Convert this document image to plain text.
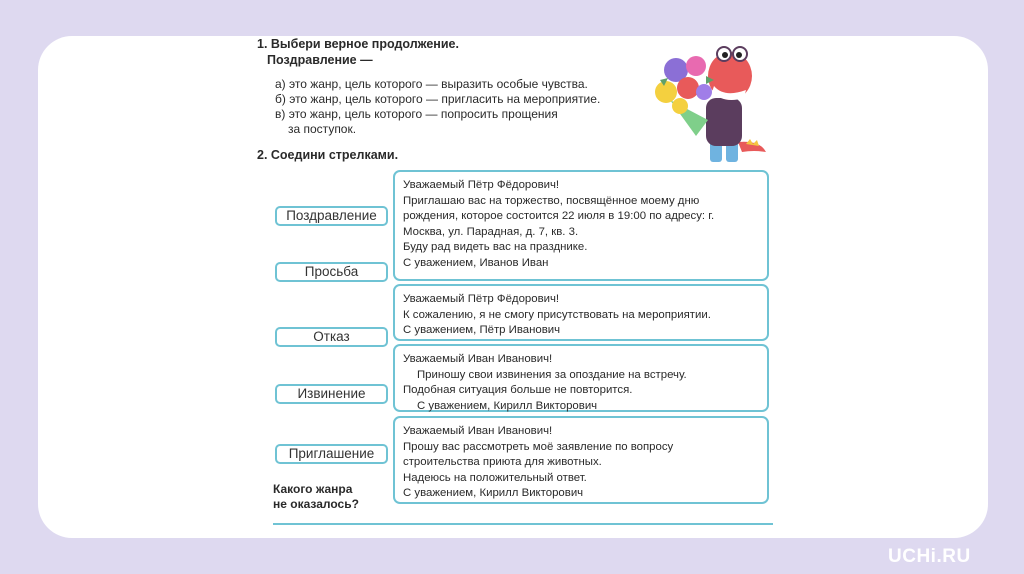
1. Выбери верное продолжение.
Поздравление —
а) это жанр, цель которого — выразить особые чувства.
б) это жанр, цель которого — пригласить на мероприятие.
в) это жанр, цель которого — попросить прощения
за поступок.
2. Соедини стрелками.
Поздравление
Просьба
Отказ
Извинение
Приглашение
Уважаемый Пётр Фёдорович!
Приглашаю вас на торжество, посвящённое моему дню
рождения, которое состоится 22 июля в 19:00 по адресу: г.
Москва, ул. Парадная, д. 7, кв. 3.
Буду рад видеть вас на празднике.
С уважением, Иванов Иван
Уважаемый Пётр Фёдорович!
К сожалению, я не смогу присутствовать на мероприятии.
С уважением, Пётр Иванович
Уважаемый Иван Иванович!
Приношу свои извинения за опоздание на встречу.
Подобная ситуация больше не повторится.
С уважением, Кирилл Викторович
Уважаемый Иван Иванович!
Прошу вас рассмотреть моё заявление по вопросу
строительства приюта для животных.
Надеюсь на положительный ответ.
С уважением, Кирилл Викторович
Какого жанра
не оказалось?
UCHi.RU
